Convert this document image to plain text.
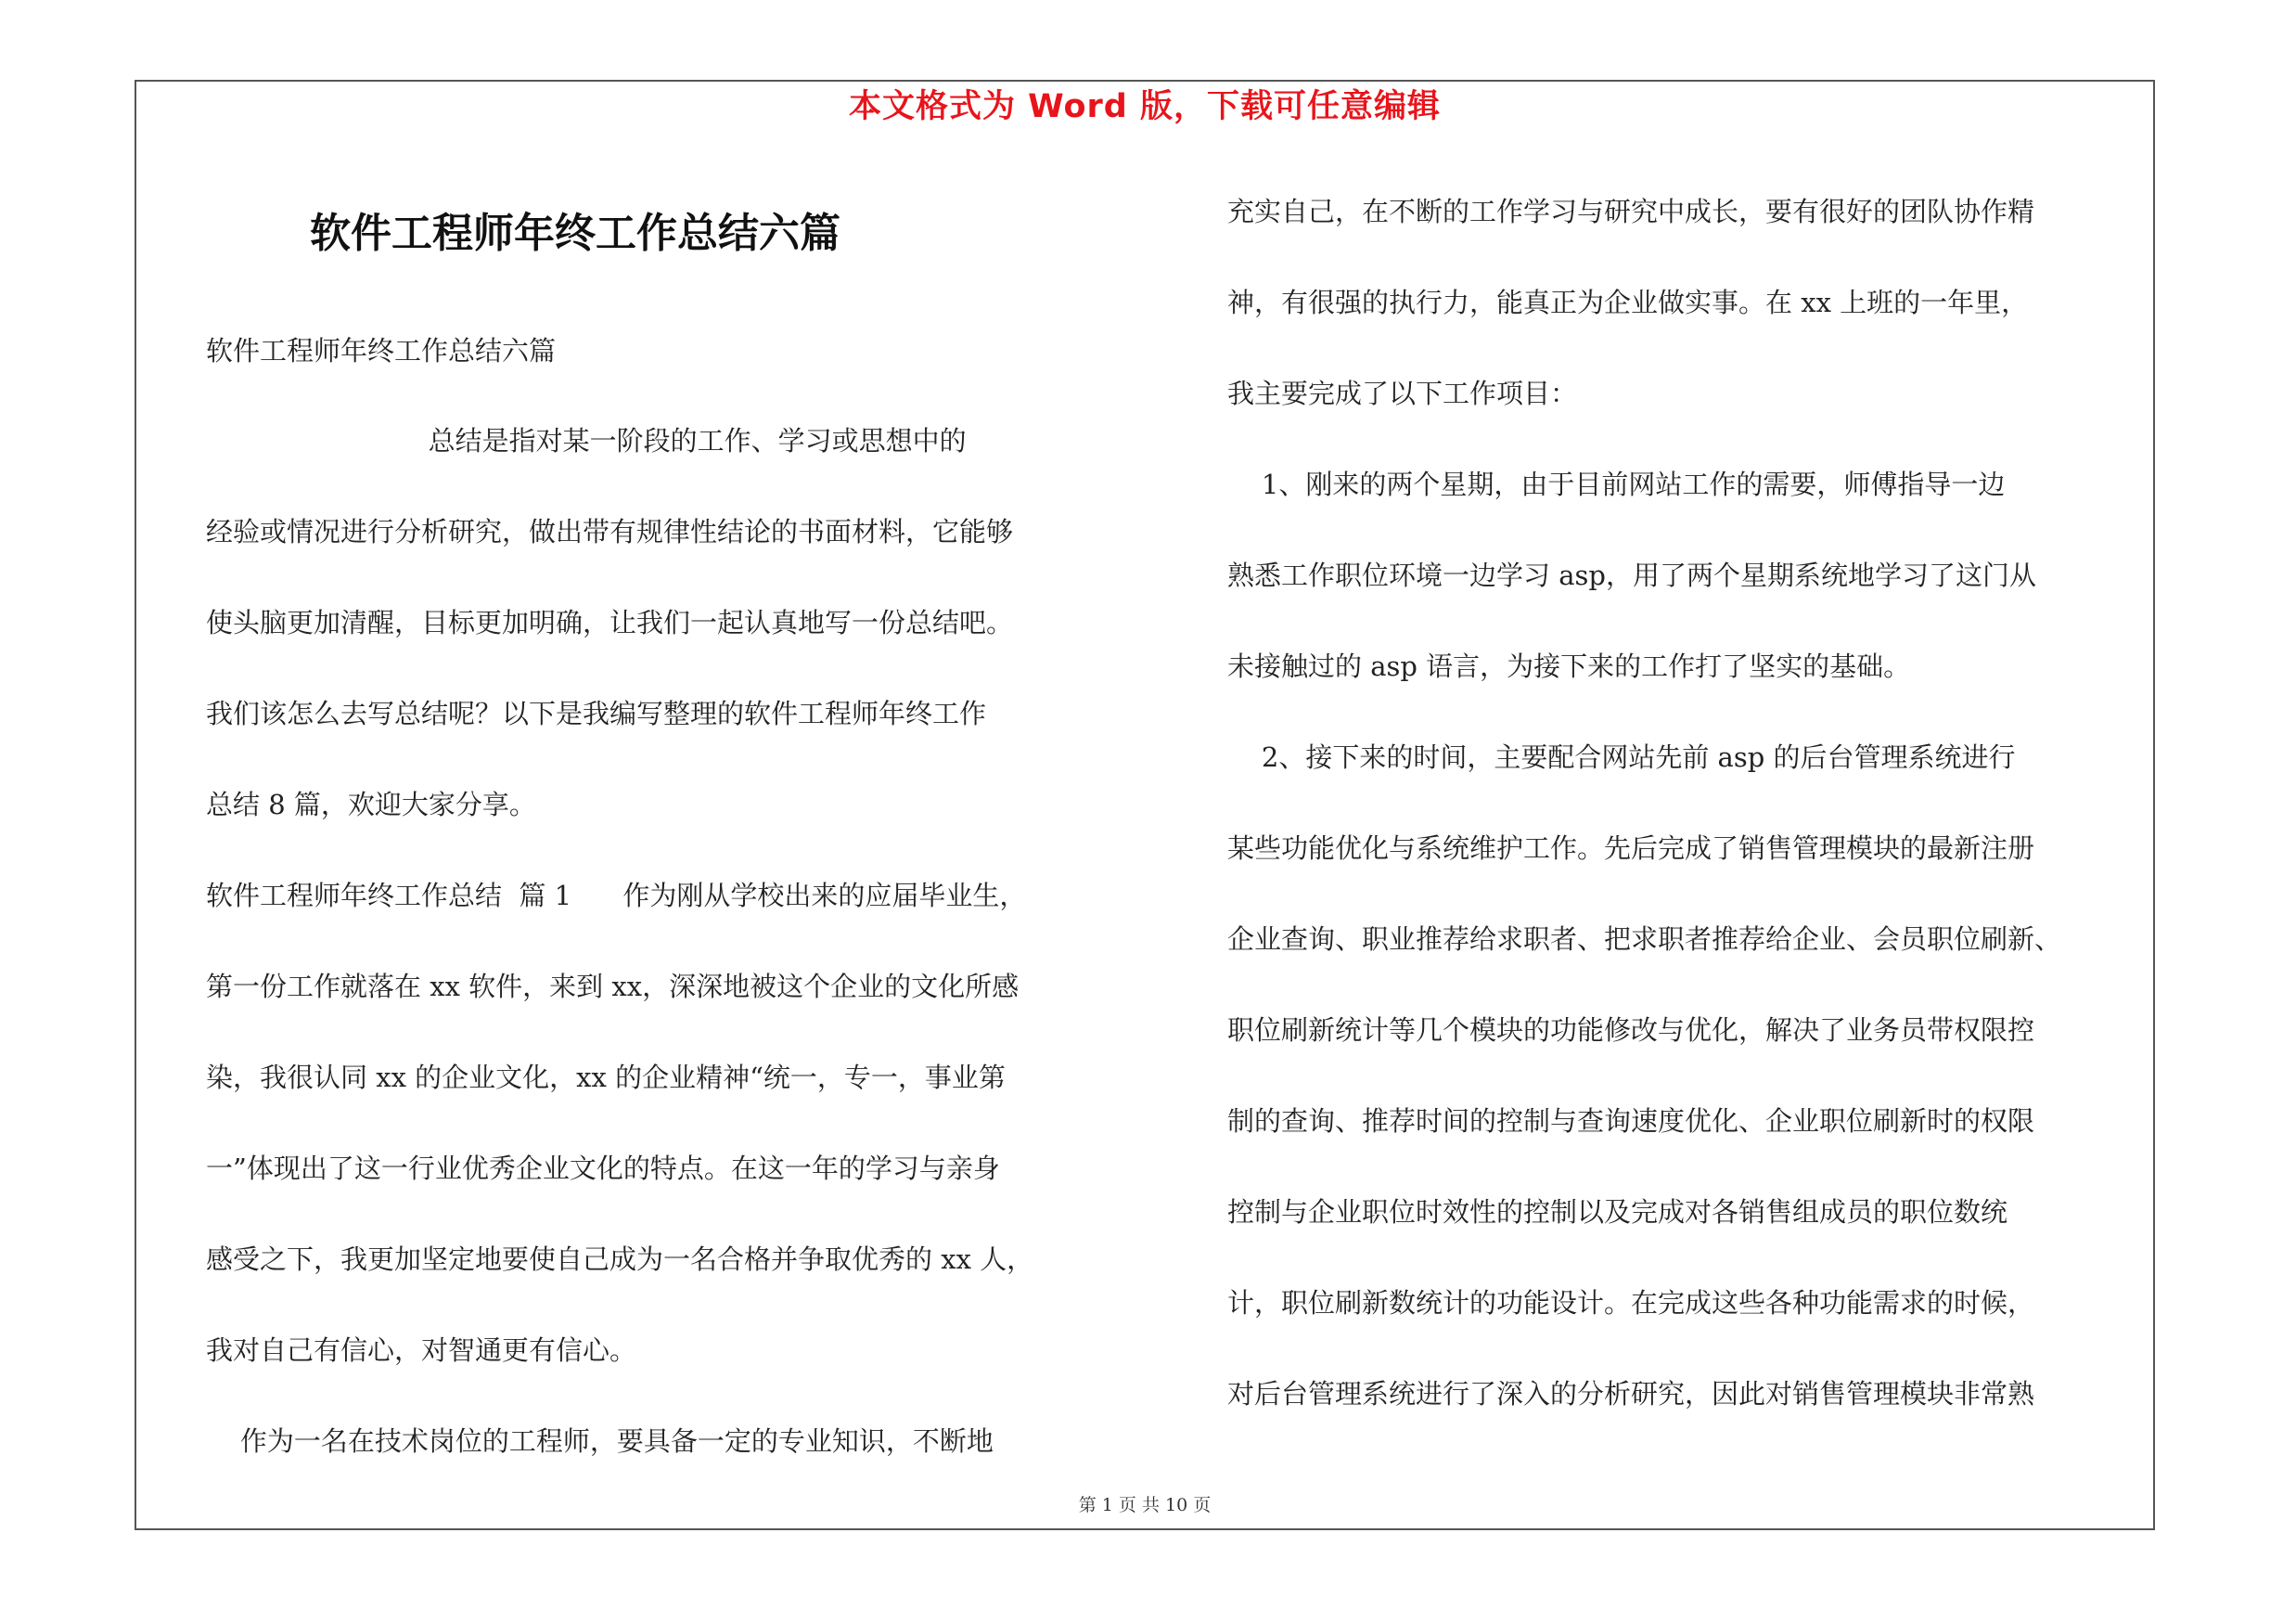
本文格式为 Word 版，下载可任意编辑
软件工程师年终工作总结六篇
软件工程师年终工作总结六篇
总结是指对某一阶段的工作、学习或思想中的
经验或情况进行分析研究，做出带有规律性结论的书面材料，它能够
使头脑更加清醒，目标更加明确，让我们一起认真地写一份总结吧。
我们该怎么去写总结呢？以下是我编写整理的软件工程师年终工作
总结 8 篇，欢迎大家分享。
软件工程师年终工作总结  篇 1      作为刚从学校出来的应届毕业生，
第一份工作就落在 xx 软件，来到 xx，深深地被这个企业的文化所感
染，我很认同 xx 的企业文化，xx 的企业精神“统一，专一，事业第
一”体现出了这一行业优秀企业文化的特点。在这一年的学习与亲身
感受之下，我更加坚定地要使自己成为一名合格并争取优秀的 xx 人，
我对自己有信心，对智通更有信心。
作为一名在技术岗位的工程师，要具备一定的专业知识，不断地
充实自己，在不断的工作学习与研究中成长，要有很好的团队协作精
神，有很强的执行力，能真正为企业做实事。在 xx 上班的一年里，
我主要完成了以下工作项目：
1、刚来的两个星期，由于目前网站工作的需要，师傅指导一边
熟悉工作职位环境一边学习 asp，用了两个星期系统地学习了这门从
未接触过的 asp 语言，为接下来的工作打了坚实的基础。
2、接下来的时间，主要配合网站先前 asp 的后台管理系统进行
某些功能优化与系统维护工作。先后完成了销售管理模块的最新注册
企业查询、职业推荐给求职者、把求职者推荐给企业、会员职位刷新、
职位刷新统计等几个模块的功能修改与优化，解决了业务员带权限控
制的查询、推荐时间的控制与查询速度优化、企业职位刷新时的权限
控制与企业职位时效性的控制以及完成对各销售组成员的职位数统
计，职位刷新数统计的功能设计。在完成这些各种功能需求的时候，
对后台管理系统进行了深入的分析研究，因此对销售管理模块非常熟
第 1 页 共 10 页
